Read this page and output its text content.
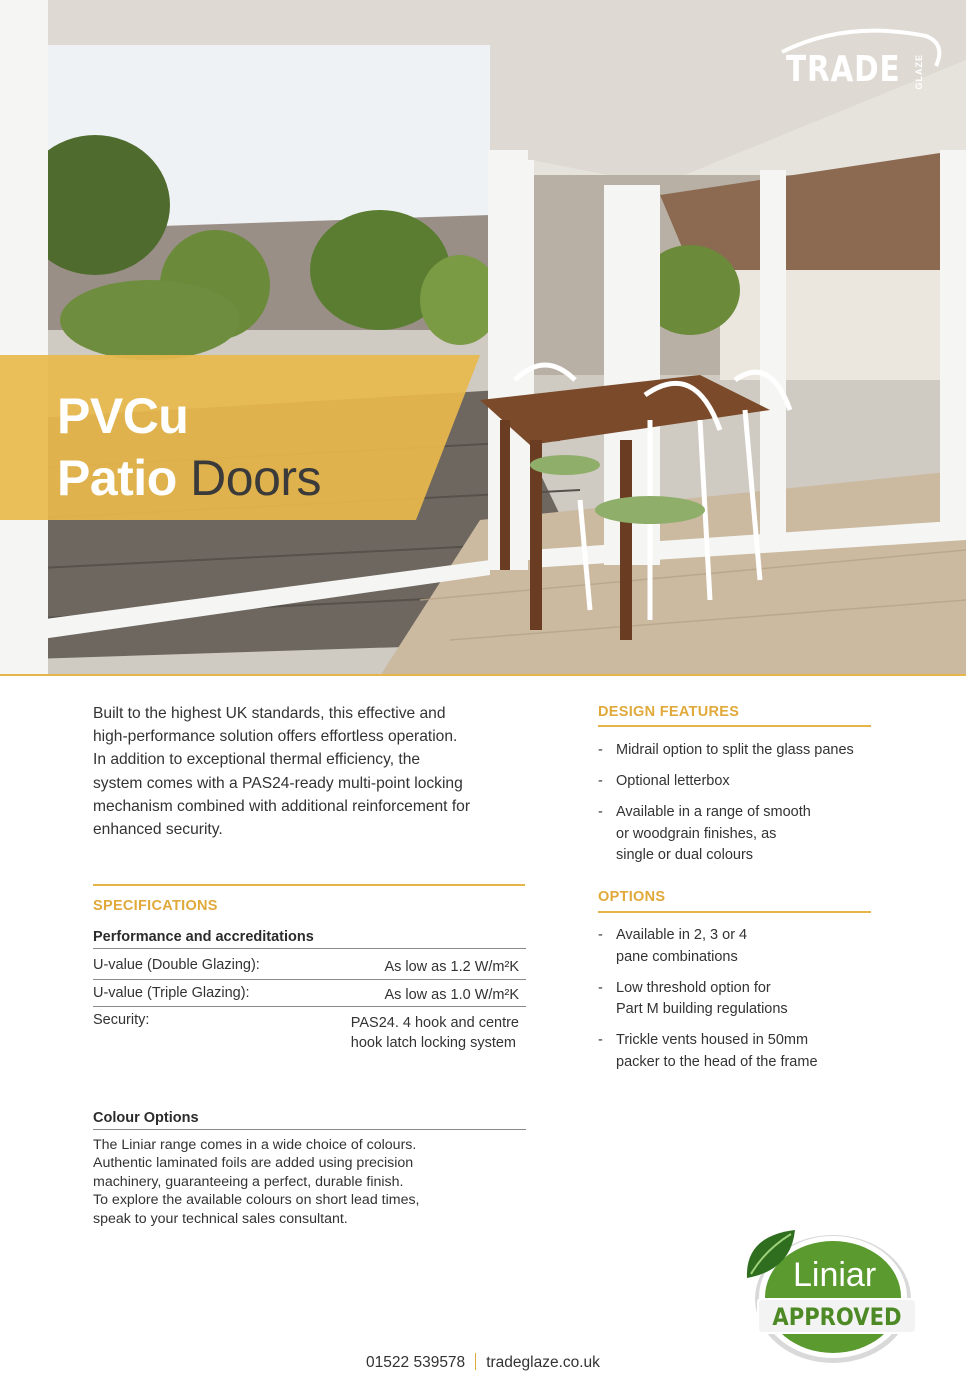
TRADE GLAZE
PVCu
Patio Doors

Built to the highest UK standards, this effective and high-performance solution offers effortless operation. In addition to exceptional thermal efficiency, the system comes with a PAS24-ready multi-point locking mechanism combined with additional reinforcement for enhanced security.

SPECIFICATIONS
Performance and accreditations
U-value (Double Glazing):	As low as 1.2 W/m²K
U-value (Triple Glazing):	As low as 1.0 W/m²K
Security:	PAS24. 4 hook and centre
hook latch locking system
Colour Options
The Liniar range comes in a wide choice of colours.
Authentic laminated foils are added using precision
machinery, guaranteeing a perfect, durable finish.
To explore the available colours on short lead times,
speak to your technical sales consultant.
DESIGN FEATURES
- Midrail option to split the glass panes
- Optional letterbox
- Available in a range of smooth
or woodgrain finishes, as
single or dual colours
OPTIONS
- Available in 2, 3 or 4
pane combinations
- Low threshold option for
Part M building regulations
- Trickle vents housed in 50mm
packer to the head of the frame
Liniar
APPROVED
01522 539578 tradeglaze.co.uk
